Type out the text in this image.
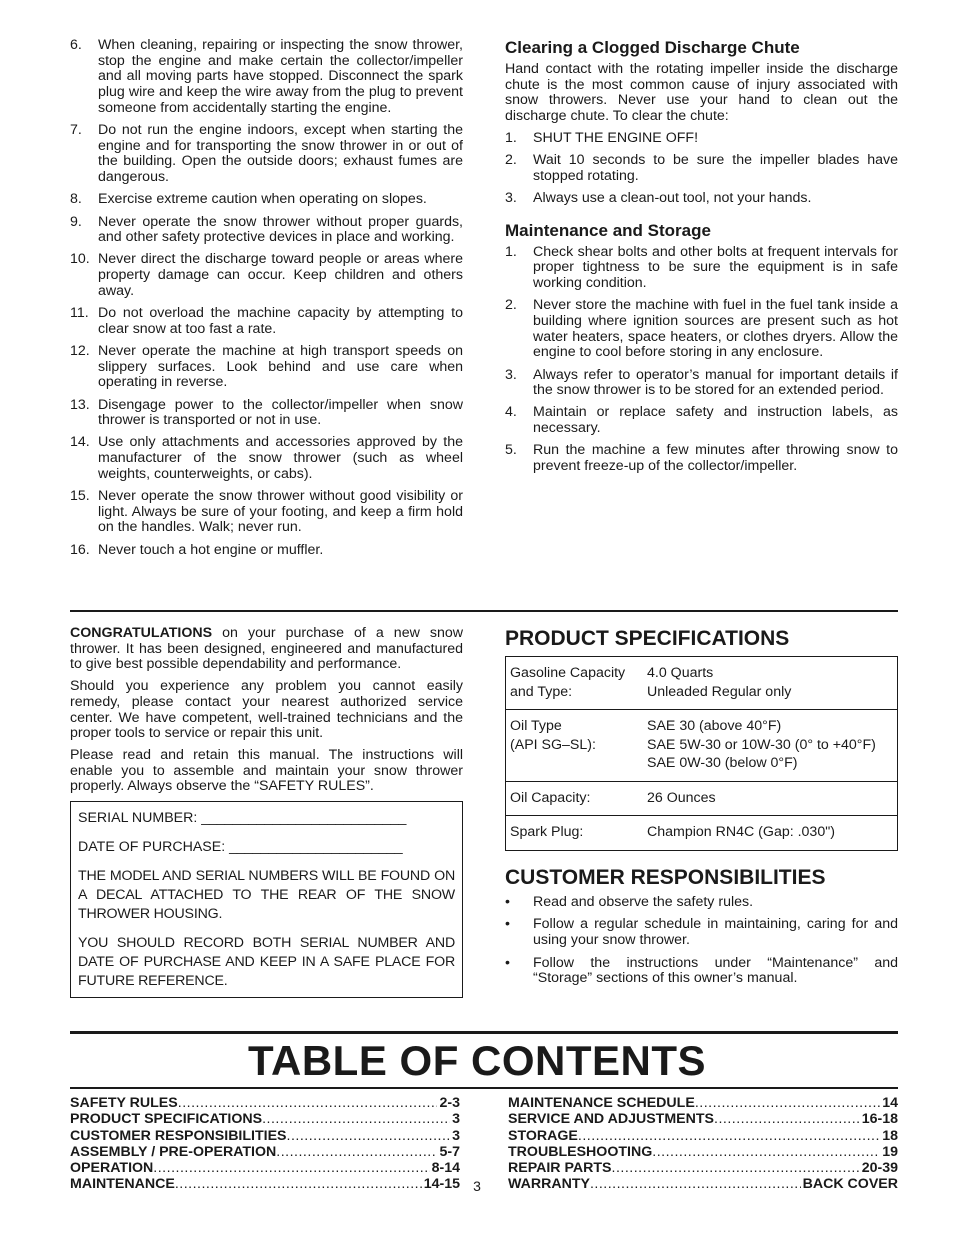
6. When cleaning, repairing or inspecting the snow thrower, stop the engine and make certain the collector/impeller and all moving parts have stopped. Disconnect the spark plug wire and keep the wire away from the plug to prevent someone from accidentally starting the engine.
7. Do not run the engine indoors, except when starting the engine and for transporting the snow thrower in or out of the building. Open the outside doors; exhaust fumes are dangerous.
8. Exercise extreme caution when operating on slopes.
9. Never operate the snow thrower without proper guards, and other safety protective devices in place and working.
10. Never direct the discharge toward people or areas where property damage can occur. Keep children and others away.
11. Do not overload the machine capacity by attempting to clear snow at too fast a rate.
12. Never operate the machine at high transport speeds on slippery surfaces. Look behind and use care when operating in reverse.
13. Disengage power to the collector/impeller when snow thrower is transported or not in use.
14. Use only attachments and accessories approved by the manufacturer of the snow thrower (such as wheel weights, counterweights, or cabs).
15. Never operate the snow thrower without good visibility or light. Always be sure of your footing, and keep a firm hold on the handles. Walk; never run.
16. Never touch a hot engine or muffler.
Clearing a Clogged Discharge Chute

Hand contact with the rotating impeller inside the discharge chute is the most common cause of injury associated with snow throwers. Never use your hand to clean out the discharge chute. To clear the chute:

1. SHUT THE ENGINE OFF!
2. Wait 10 seconds to be sure the impeller blades have stopped rotating.
3. Always use a clean-out tool, not your hands.
Maintenance and Storage
1. Check shear bolts and other bolts at frequent intervals for proper tightness to be sure the equipment is in safe working condition.
2. Never store the machine with fuel in the fuel tank inside a building where ignition sources are present such as hot water heaters, space heaters, or clothes dryers. Allow the engine to cool before storing in any enclosure.
3. Always refer to operator’s manual for important details if the snow thrower is to be stored for an extended period.
4. Maintain or replace safety and instruction labels, as necessary.
5. Run the machine a few minutes after throwing snow to prevent freeze-up of the collector/impeller.

CONGRATULATIONS on your purchase of a new snow thrower. It has been designed, engineered and manufactured to give best possible dependability and performance.

Should you experience any problem you cannot easily remedy, please contact your nearest authorized service center. We have competent, well-trained technicians and the proper tools to service or repair this unit.

Please read and retain this manual. The instructions will enable you to assemble and maintain your snow thrower properly. Always observe the “SAFETY RULES”.

SERIAL NUMBER: __________________________

DATE OF PURCHASE: ______________________

THE MODEL AND SERIAL NUMBERS WILL BE FOUND ON A DECAL ATTACHED TO THE REAR OF THE SNOW THROWER HOUSING.

YOU SHOULD RECORD BOTH SERIAL NUMBER AND DATE OF PURCHASE AND KEEP IN A SAFE PLACE FOR FUTURE REFERENCE.

PRODUCT SPECIFICATIONS
Gasoline Capacity
and Type:	4.0 Quarts
Unleaded Regular only
Oil Type
(API SG–SL):	SAE 30 (above 40°F)
SAE 5W-30 or 10W-30 (0° to +40°F)
SAE 0W-30 (below 0°F)
Oil Capacity:	26 Ounces
Spark Plug:	Champion RN4C (Gap: .030")
CUSTOMER RESPONSIBILITIES
• Read and observe the safety rules.
• Follow a regular schedule in maintaining, caring for and using your snow thrower.
• Follow the instructions under “Maintenance” and “Storage” sections of this owner’s manual.
TABLE OF CONTENTS
SAFETY RULES .....	2-3
PRODUCT SPECIFICATIONS .....	3
CUSTOMER RESPONSIBILITIES .....	3
ASSEMBLY / PRE-OPERATION .....	5-7
OPERATION .....	8-14
MAINTENANCE .....	14-15
MAINTENANCE SCHEDULE .....	14
SERVICE AND ADJUSTMENTS .....	16-18
STORAGE .....	18
TROUBLESHOOTING .....	19
REPAIR PARTS .....	20-39
WARRANTY .....	BACK COVER
3
